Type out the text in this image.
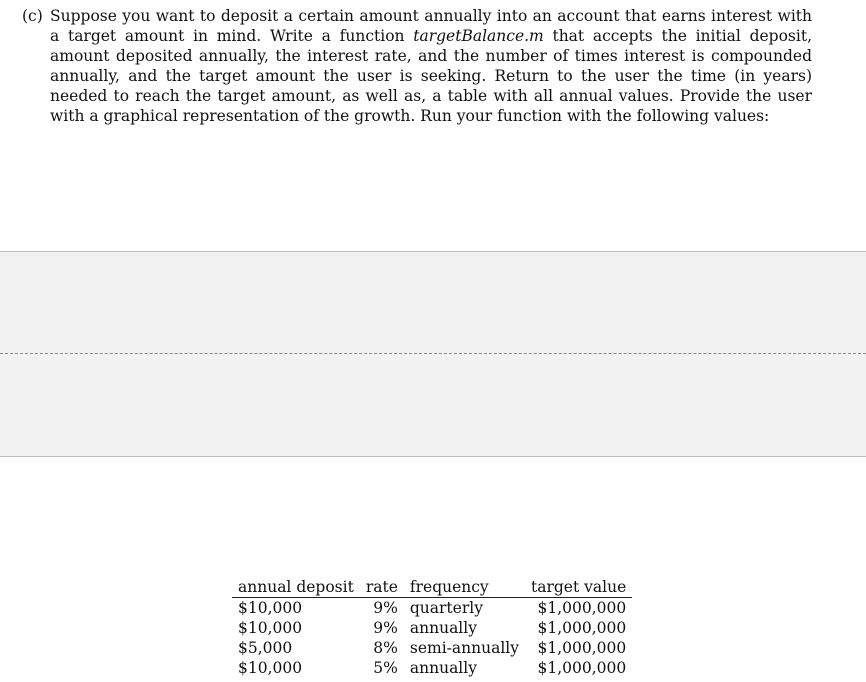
(c) Suppose you want to deposit a certain amount annually into an account that earns interest with a target amount in mind. Write a function targetBalance.m that accepts the initial deposit, amount deposited annually, the interest rate, and the number of times interest is compounded annually, and the target amount the user is seeking. Return to the user the time (in years) needed to reach the target amount, as well as, a table with all annual values. Provide the user with a graphical representation of the growth. Run your function with the following values:
annual deposit	rate	frequency	target value
$10,000	9%	quarterly	$1,000,000
$10,000	9%	annually	$1,000,000
$5,000	8%	semi-annually	$1,000,000
$10,000	5%	annually	$1,000,000
